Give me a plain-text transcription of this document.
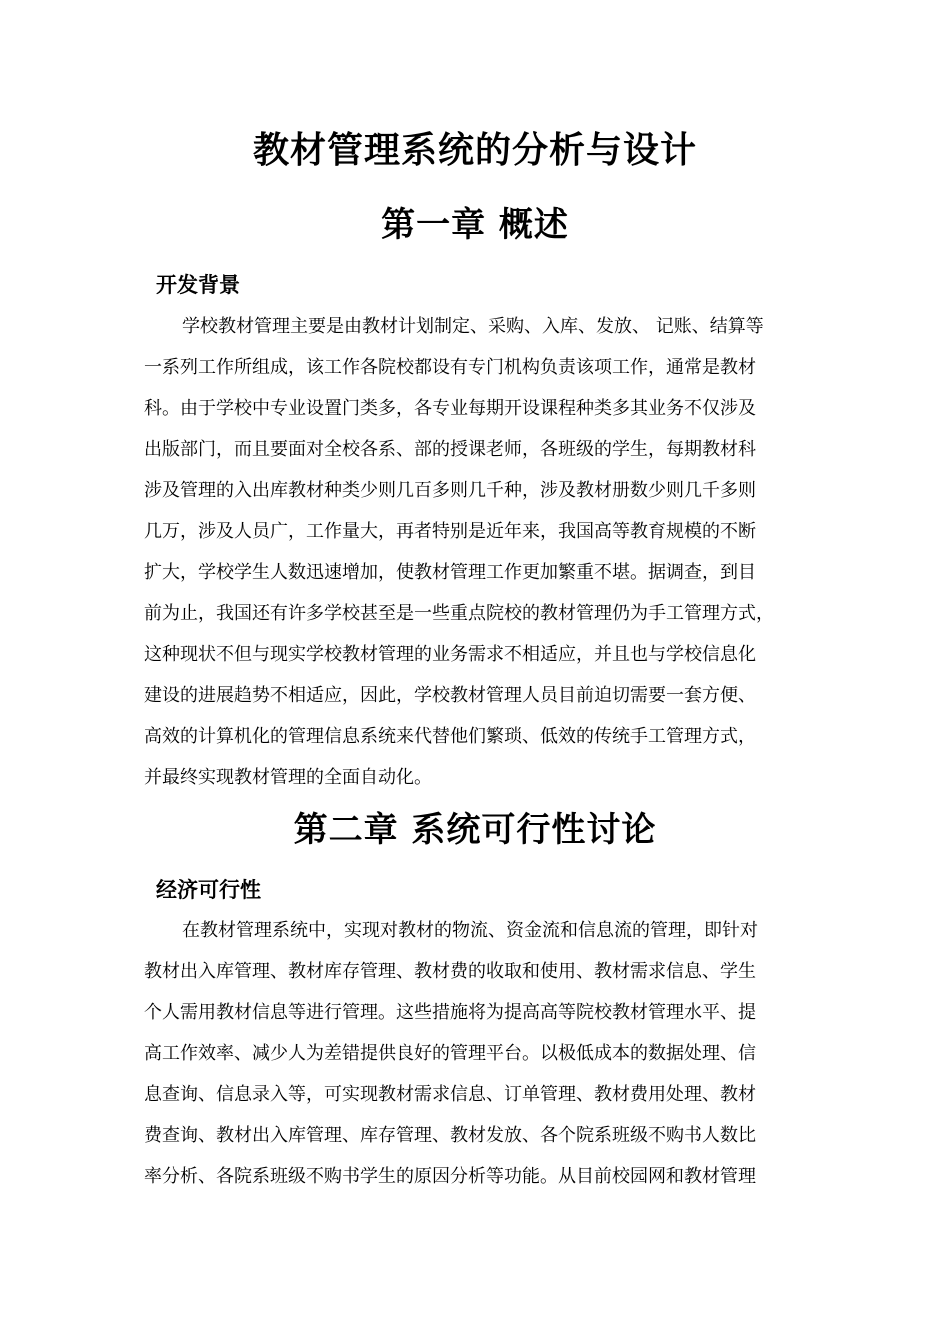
教材管理系统的分析与设计
第一章 概述
开发背景
学校教材管理主要是由教材计划制定、采购、入库、发放、 记账、结算等
一系列工作所组成，该工作各院校都设有专门机构负责该项工作，通常是教材
科。由于学校中专业设置门类多，各专业每期开设课程种类多其业务不仅涉及
出版部门，而且要面对全校各系、部的授课老师，各班级的学生，每期教材科
涉及管理的入出库教材种类少则几百多则几千种，涉及教材册数少则几千多则
几万，涉及人员广，工作量大，再者特别是近年来，我国高等教育规模的不断
扩大，学校学生人数迅速增加，使教材管理工作更加繁重不堪。据调查，到目
前为止，我国还有许多学校甚至是一些重点院校的教材管理仍为手工管理方式，
这种现状不但与现实学校教材管理的业务需求不相适应，并且也与学校信息化
建设的进展趋势不相适应，因此，学校教材管理人员目前迫切需要一套方便、
高效的计算机化的管理信息系统来代替他们繁琐、低效的传统手工管理方式，
并最终实现教材管理的全面自动化。
第二章 系统可行性讨论
经济可行性
在教材管理系统中，实现对教材的物流、资金流和信息流的管理，即针对
教材出入库管理、教材库存管理、教材费的收取和使用、教材需求信息、学生
个人需用教材信息等进行管理。这些措施将为提高高等院校教材管理水平、提
高工作效率、减少人为差错提供良好的管理平台。以极低成本的数据处理、信
息查询、信息录入等，可实现教材需求信息、订单管理、教材费用处理、教材
费查询、教材出入库管理、库存管理、教材发放、各个院系班级不购书人数比
率分析、各院系班级不购书学生的原因分析等功能。从目前校园网和教材管理
